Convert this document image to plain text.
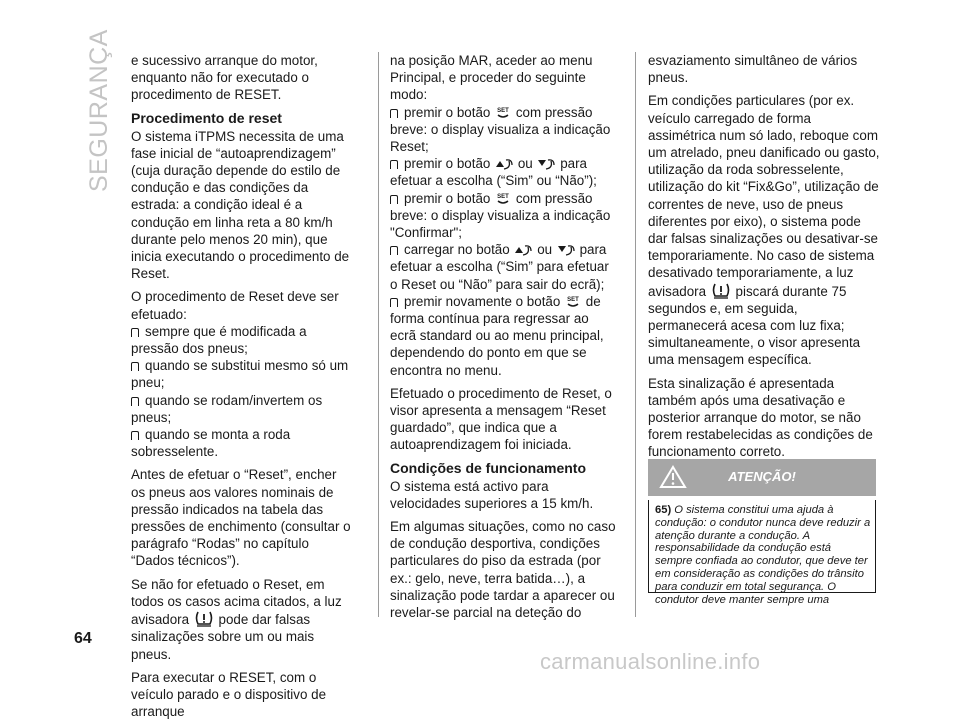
SEGURANÇA e sucessivo arranque do motor, enquanto não for executado o procedimento de RESET.

Procedimento de reset

O sistema iTPMS necessita de uma fase inicial de “autoaprendizagem” (cuja duração depende do estilo de condução e das condições da estrada: a condição ideal é a condução em linha reta a 80 km/h durante pelo menos 20 min), que inicia executando o procedimento de Reset.

O procedimento de Reset deve ser efetuado:

sempre que é modificada a pressão dos pneus;
quando se substitui mesmo só um pneu;
quando se rodam/invertem os pneus;
quando se monta a roda sobresselente.

Antes de efetuar o “Reset”, encher os pneus aos valores nominais de pressão indicados na tabela das pressões de enchimento (consultar o parágrafo “Rodas” no capítulo “Dados técnicos”).

Se não for efetuado o Reset, em todos os casos acima citados, a luz avisadora pode dar falsas sinalizações sobre um ou mais pneus.

Para executar o RESET, com o veículo parado e o dispositivo de arranque

na posição MAR, aceder ao menu Principal, e proceder do seguinte modo:

premir o botão SET com pressão breve: o display visualiza a indicação Reset;
premir o botão ou para efetuar a escolha (“Sim” ou “Não”);
premir o botão SET com pressão breve: o display visualiza a indicação "Confirmar";
carregar no botão ou para efetuar a escolha (“Sim” para efetuar o Reset ou “Não” para sair do ecrã);
premir novamente o botão SET de forma contínua para regressar ao ecrã standard ou ao menu principal, dependendo do ponto em que se encontra no menu.

Efetuado o procedimento de Reset, o visor apresenta a mensagem “Reset guardado”, que indica que a autoaprendizagem foi iniciada.

Condições de funcionamento

O sistema está activo para velocidades superiores a 15 km/h.

Em algumas situações, como no caso de condução desportiva, condições particulares do piso da estrada (por ex.: gelo, neve, terra batida…), a sinalização pode tardar a aparecer ou revelar-se parcial na deteção do

esvaziamento simultâneo de vários pneus.

Em condições particulares (por ex. veículo carregado de forma assimétrica num só lado, reboque com um atrelado, pneu danificado ou gasto, utilização da roda sobresselente, utilização do kit “Fix&Go”, utilização de correntes de neve, uso de pneus diferentes por eixo), o sistema pode dar falsas sinalizações ou desativar-se temporariamente. No caso de sistema desativado temporariamente, a luz avisadora piscará durante 75 segundos e, em seguida, permanecerá acesa com luz fixa; simultaneamente, o visor apresenta uma mensagem específica.

Esta sinalização é apresentada também após uma desativação e posterior arranque do motor, se não forem restabelecidas as condições de funcionamento correto.

ATENÇÃO!
65) O sistema constitui uma ajuda à condução: o condutor nunca deve reduzir a atenção durante a condução. A responsabilidade da condução está sempre confiada ao condutor, que deve ter em consideração as condições do trânsito para conduzir em total segurança. O condutor deve manter sempre uma
64
carmanualsonline.info
